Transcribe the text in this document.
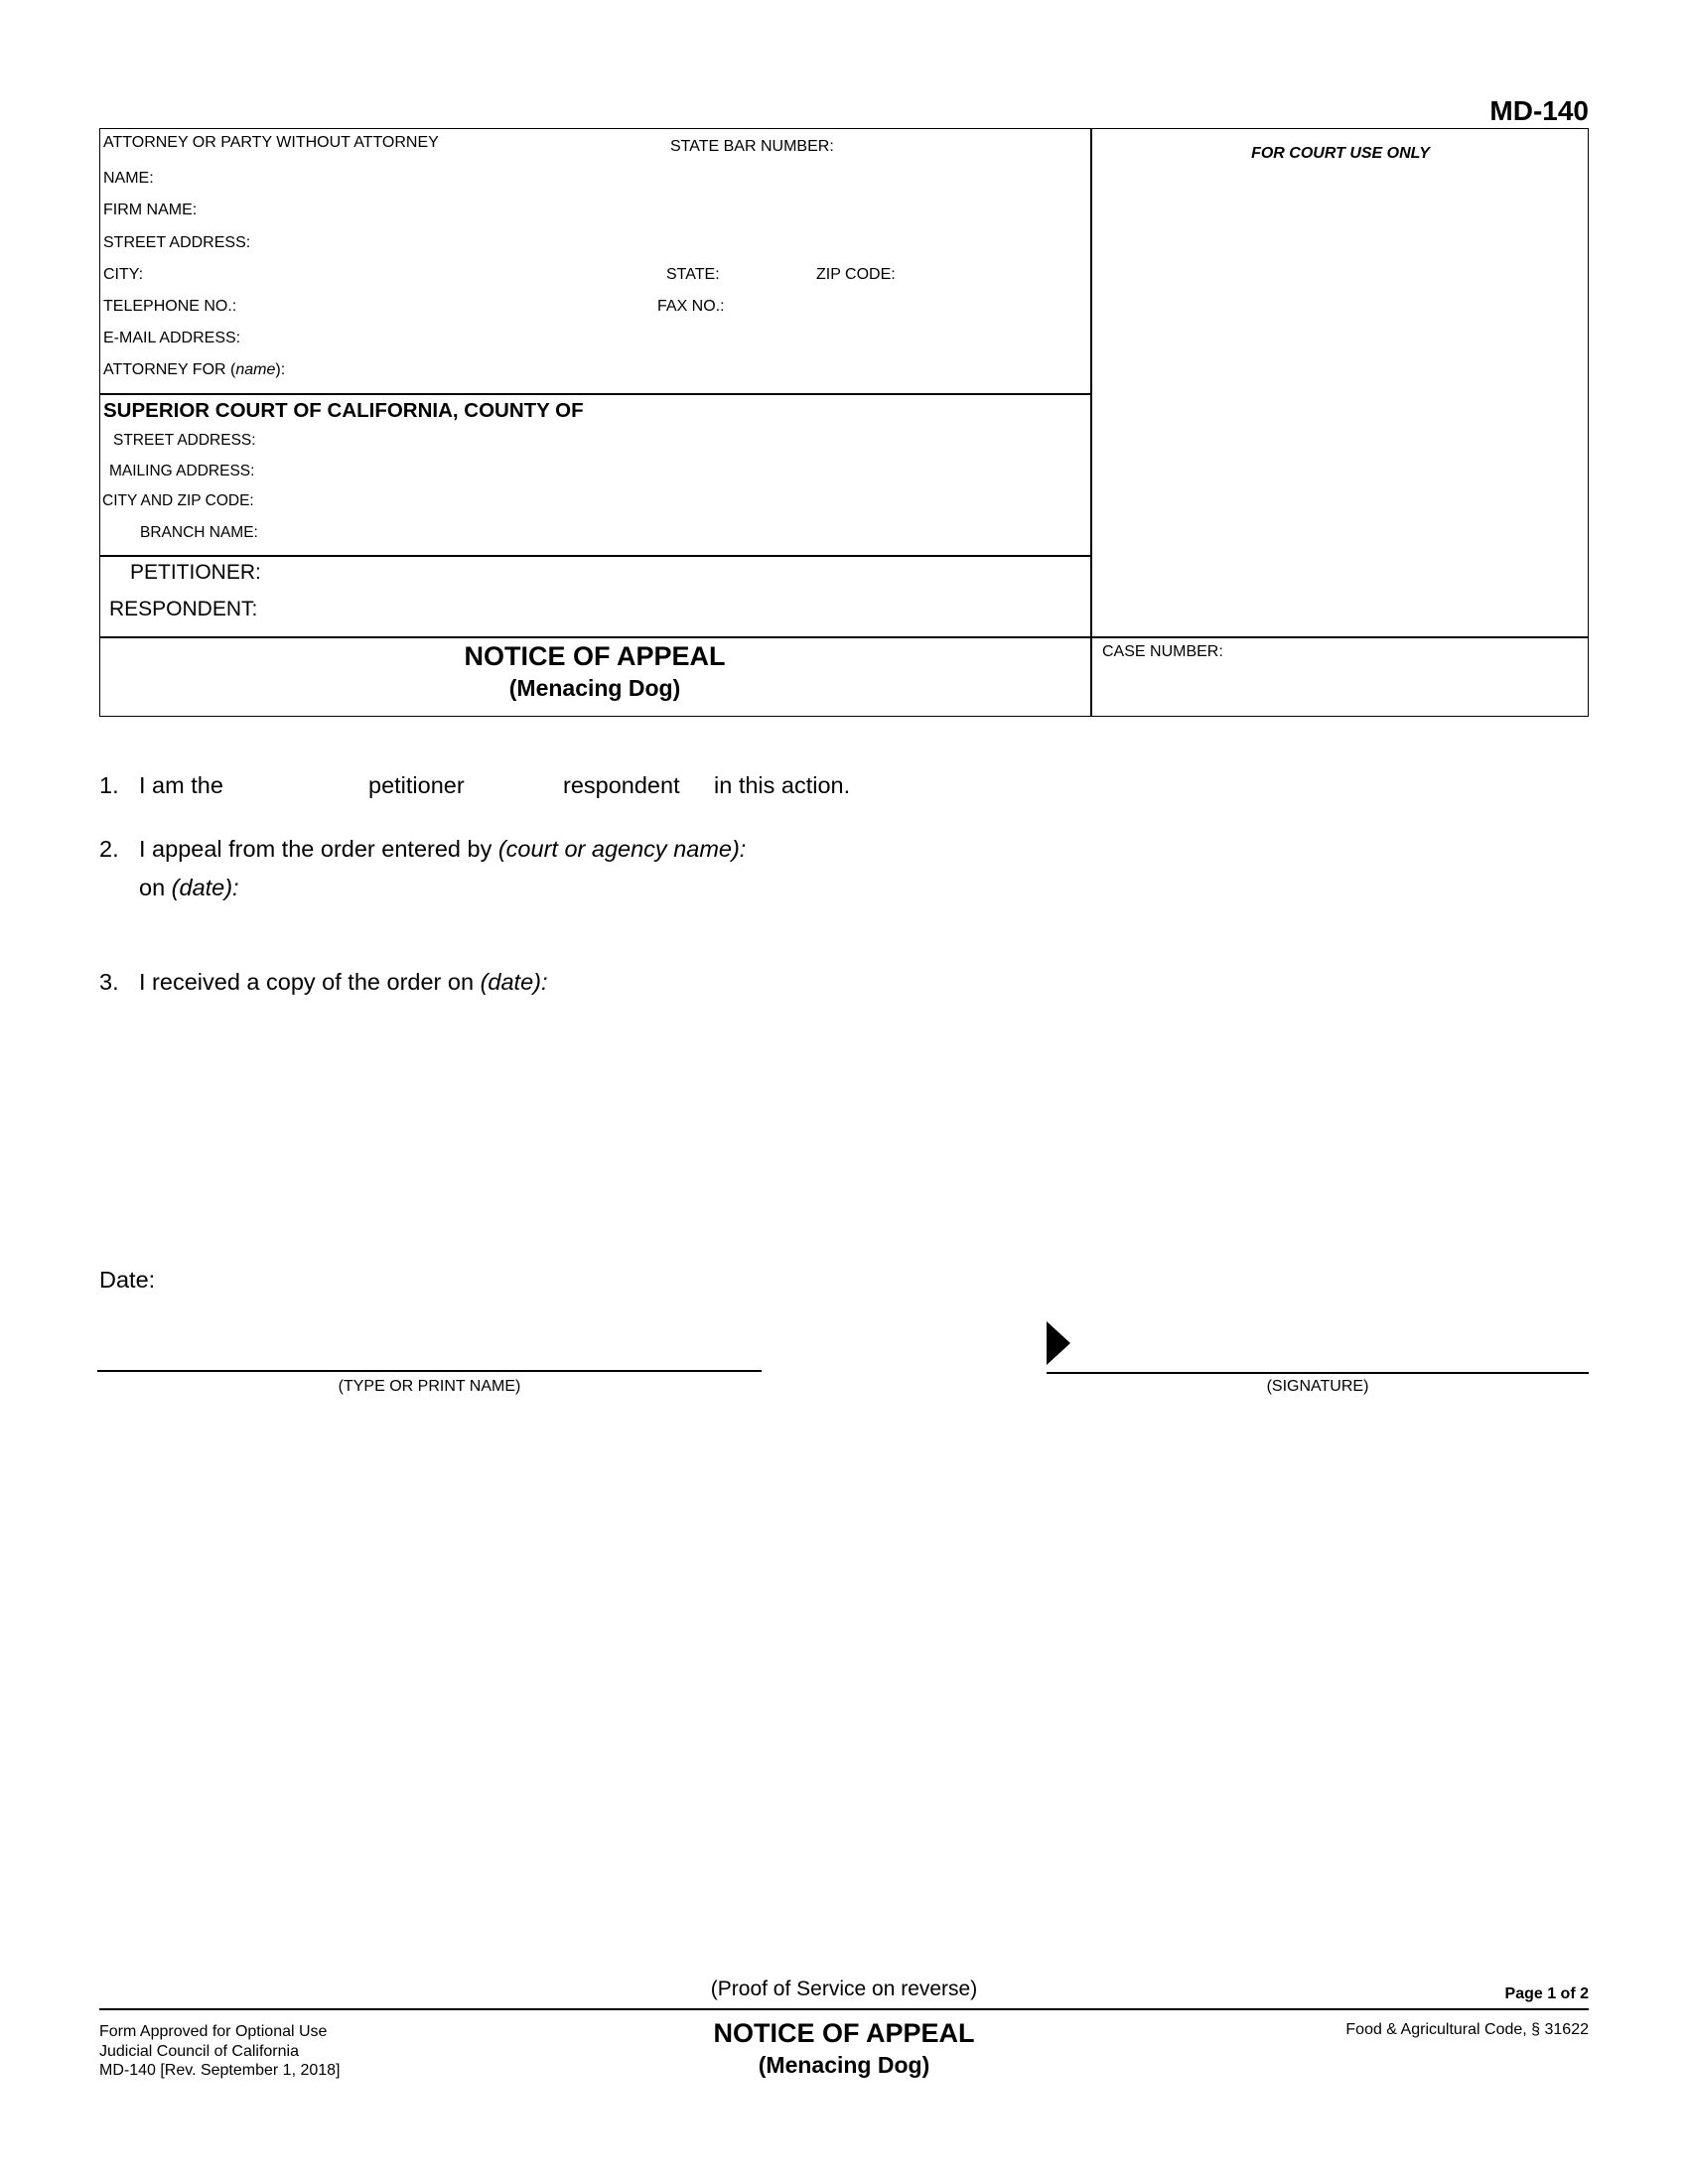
MD-140
ATTORNEY OR PARTY WITHOUT ATTORNEY	STATE BAR NUMBER:
NAME:
FIRM NAME:
STREET ADDRESS:
CITY:	STATE:	ZIP CODE:
TELEPHONE NO.:	FAX NO.:
E-MAIL ADDRESS:
ATTORNEY FOR (name):
FOR COURT USE ONLY
SUPERIOR COURT OF CALIFORNIA, COUNTY OF
STREET ADDRESS:
MAILING ADDRESS:
CITY AND ZIP CODE:
BRANCH NAME:
PETITIONER:
RESPONDENT:
NOTICE OF APPEAL
(Menacing Dog)
CASE NUMBER:
1. I am the	petitioner	respondent in this action.
2. I appeal from the order entered by (court or agency name):
on (date):
3. I received a copy of the order on (date):
Date:
(TYPE OR PRINT NAME)	(SIGNATURE)
(Proof of Service on reverse)	Page 1 of 2
Form Approved for Optional Use
Judicial Council of California
MD-140 [Rev. September 1, 2018]
NOTICE OF APPEAL
(Menacing Dog)
Food & Agricultural Code, § 31622
